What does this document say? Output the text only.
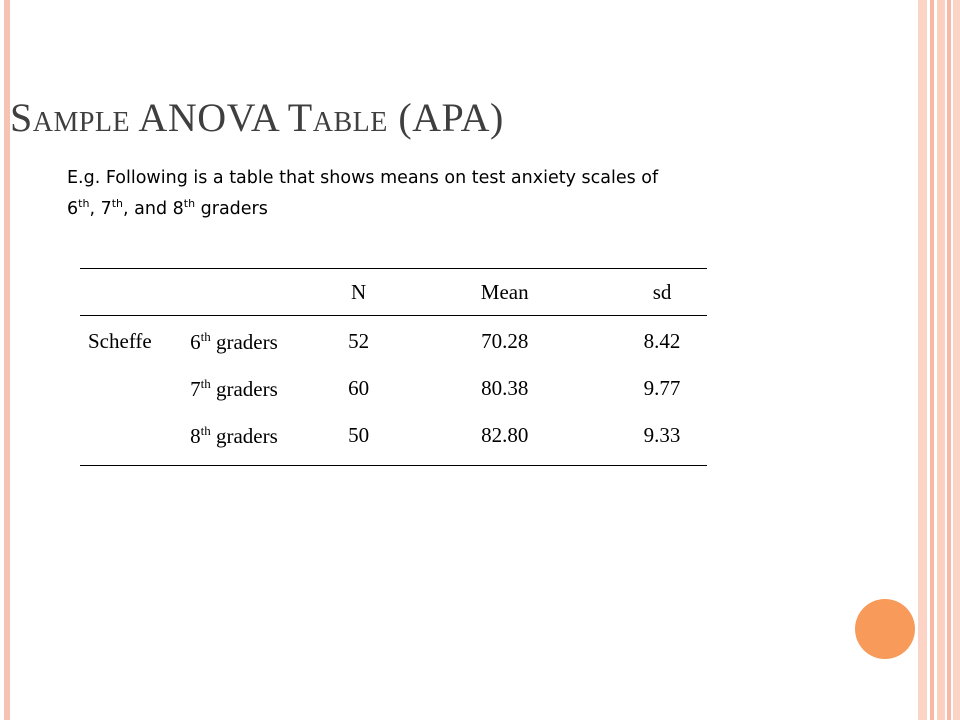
Sample ANOVA Table (APA)
E.g. Following is a table that shows means on test anxiety scales of
6th, 7th, and 8th graders
		N	Mean	sd
Scheffe	6th graders	52	70.28	8.42
	7th graders	60	80.38	9.77
	8th graders	50	82.80	9.33
